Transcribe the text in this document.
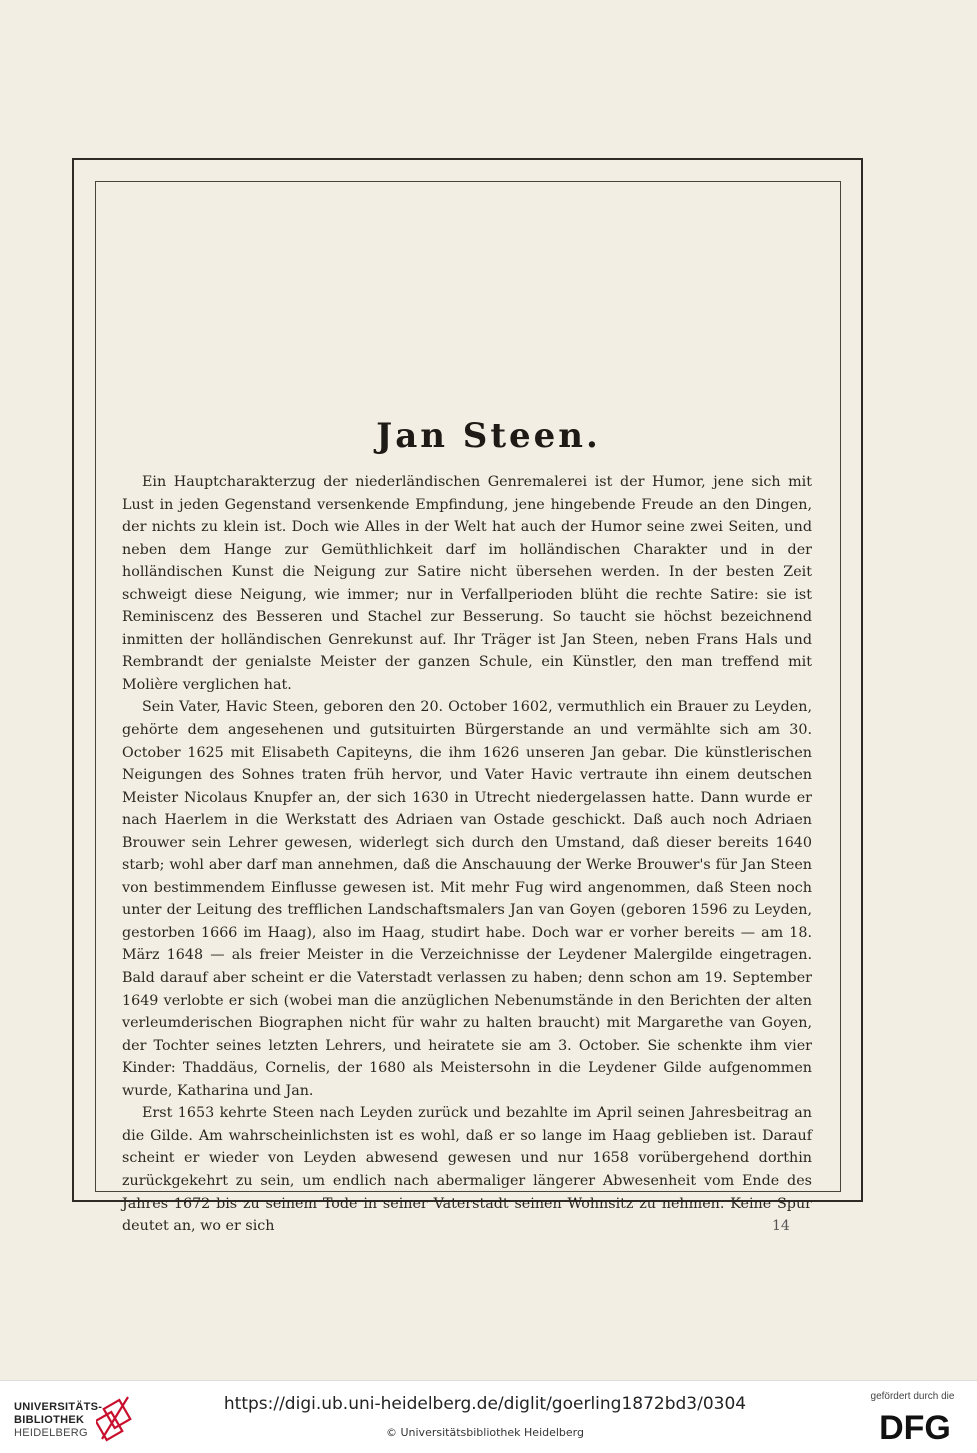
Jan Steen.

Ein Hauptcharakterzug der niederländischen Genremalerei ist der Humor, jene sich mit Lust in jeden Gegenstand versenkende Empfindung, jene hingebende Freude an den Dingen, der nichts zu klein ist. Doch wie Alles in der Welt hat auch der Humor seine zwei Seiten, und neben dem Hange zur Gemüthlichkeit darf im holländischen Charakter und in der holländischen Kunst die Neigung zur Satire nicht übersehen werden. In der besten Zeit schweigt diese Neigung, wie immer; nur in Verfallperioden blüht die rechte Satire: sie ist Reminiscenz des Besseren und Stachel zur Besserung. So taucht sie höchst bezeichnend inmitten der holländischen Genrekunst auf. Ihr Träger ist Jan Steen, neben Frans Hals und Rembrandt der genialste Meister der ganzen Schule, ein Künstler, den man treffend mit Molière verglichen hat.

Sein Vater, Havic Steen, geboren den 20. October 1602, vermuthlich ein Brauer zu Leyden, gehörte dem angesehenen und gutsituirten Bürgerstande an und vermählte sich am 30. October 1625 mit Elisabeth Capiteyns, die ihm 1626 unseren Jan gebar. Die künstlerischen Neigungen des Sohnes traten früh hervor, und Vater Havic vertraute ihn einem deutschen Meister Nicolaus Knupfer an, der sich 1630 in Utrecht niedergelassen hatte. Dann wurde er nach Haerlem in die Werkstatt des Adriaen van Ostade geschickt. Daß auch noch Adriaen Brouwer sein Lehrer gewesen, widerlegt sich durch den Umstand, daß dieser bereits 1640 starb; wohl aber darf man annehmen, daß die Anschauung der Werke Brouwer's für Jan Steen von bestimmendem Einflusse gewesen ist. Mit mehr Fug wird angenommen, daß Steen noch unter der Leitung des trefflichen Landschaftsmalers Jan van Goyen (geboren 1596 zu Leyden, gestorben 1666 im Haag), also im Haag, studirt habe. Doch war er vorher bereits — am 18. März 1648 — als freier Meister in die Verzeichnisse der Leydener Malergilde eingetragen. Bald darauf aber scheint er die Vaterstadt verlassen zu haben; denn schon am 19. September 1649 verlobte er sich (wobei man die anzüglichen Nebenumstände in den Berichten der alten verleumderischen Biographen nicht für wahr zu halten braucht) mit Margarethe van Goyen, der Tochter seines letzten Lehrers, und heiratete sie am 3. October. Sie schenkte ihm vier Kinder: Thaddäus, Cornelis, der 1680 als Meistersohn in die Leydener Gilde aufgenommen wurde, Katharina und Jan.

Erst 1653 kehrte Steen nach Leyden zurück und bezahlte im April seinen Jahresbeitrag an die Gilde. Am wahrscheinlichsten ist es wohl, daß er so lange im Haag geblieben ist. Darauf scheint er wieder von Leyden abwesend gewesen und nur 1658 vorübergehend dorthin zurückgekehrt zu sein, um endlich nach abermaliger längerer Abwesenheit vom Ende des Jahres 1672 bis zu seinem Tode in seiner Vaterstadt seinen Wohnsitz zu nehmen. Keine Spur deutet an, wo er sich	14
UNIVERSITÄTS-
BIBLIOTHEK
HEIDELBERG
https://digi.ub.uni-heidelberg.de/diglit/goerling1872bd3/0304
© Universitätsbibliothek Heidelberg
gefördert durch die
DFG
